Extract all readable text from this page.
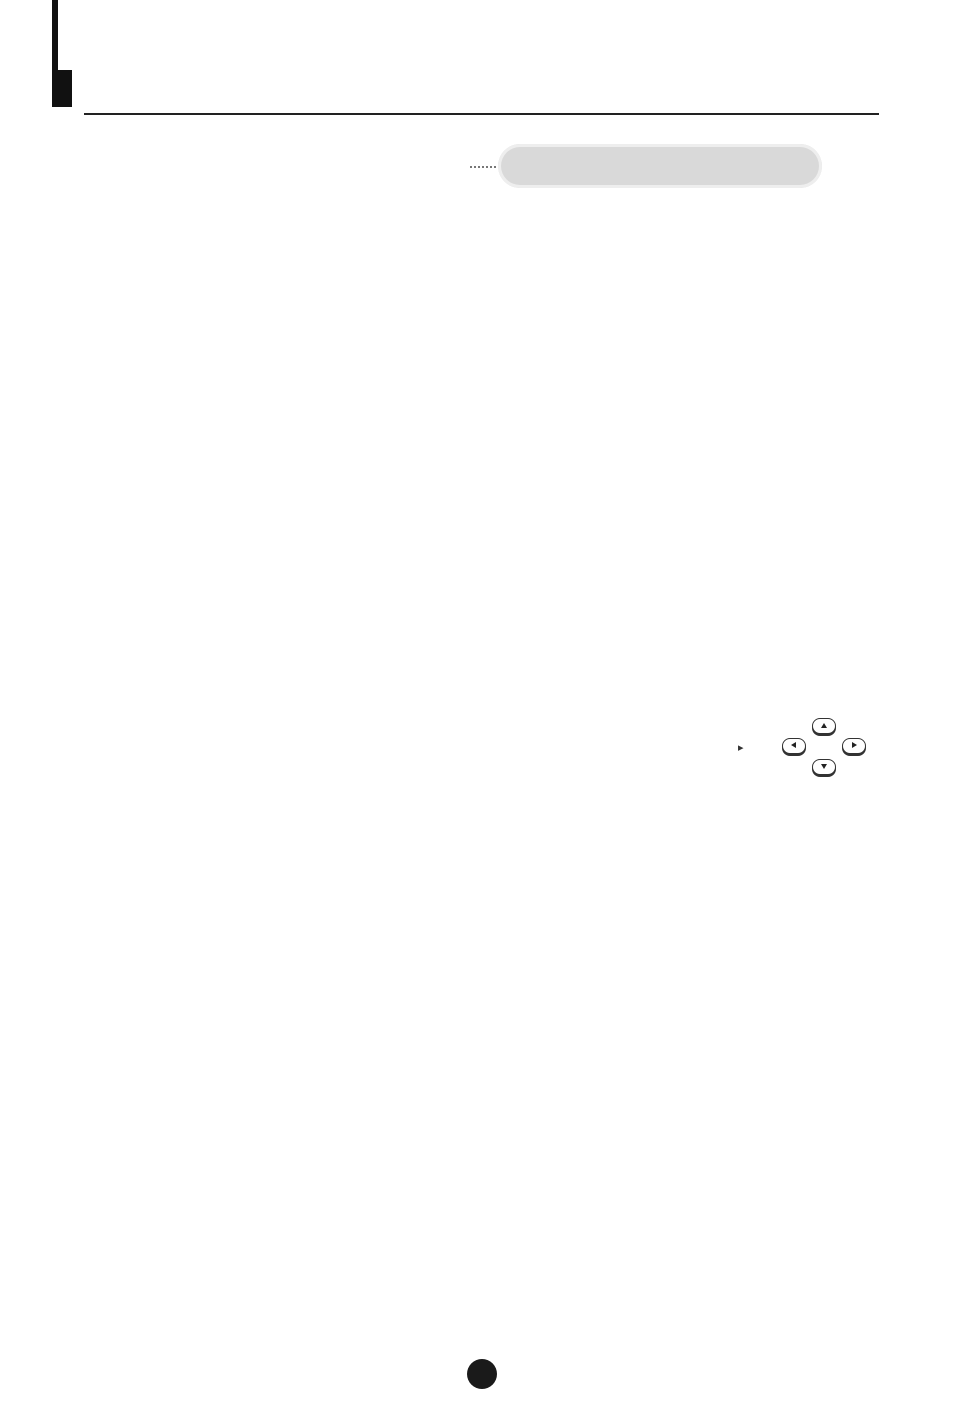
▸
